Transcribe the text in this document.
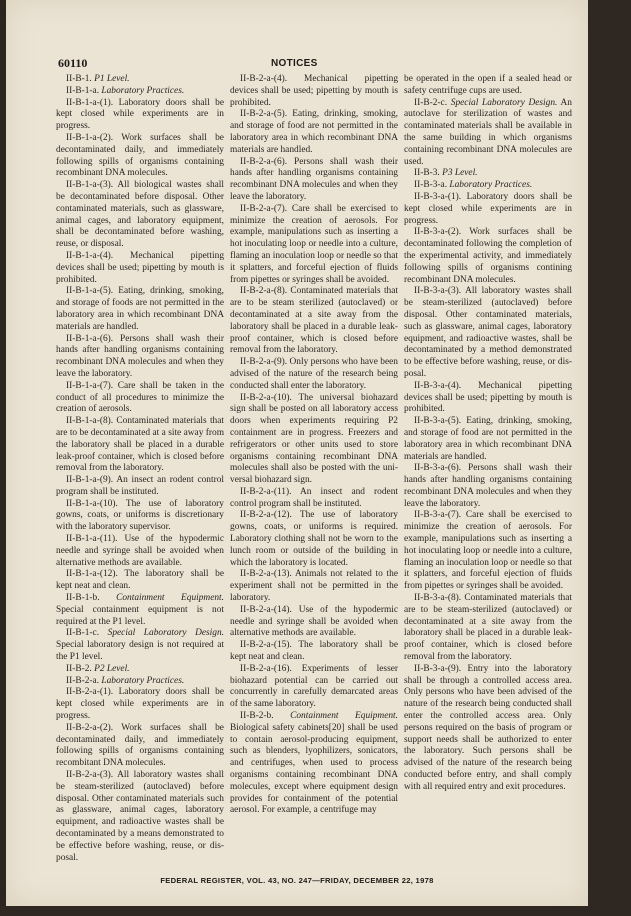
60110	NOTICES

II-B-1. P1 Level.

II-B-1-a. Laboratory Practices.

II-B-1-a-(1). Laboratory doors shall be kept closed while experiments are in progress.

II-B-1-a-(2). Work surfaces shall be decontaminated daily, and immediately following spills of organisms containing recombinant DNA molecules.

II-B-1-a-(3). All biological wastes shall be decontaminated before disposal. Other contaminated materials, such as glassware, animal cages, and laboratory equipment, shall be decontaminated before washing, reuse, or disposal.

II-B-1-a-(4). Mechanical pipetting devices shall be used; pipetting by mouth is prohibited.

II-B-1-a-(5). Eating, drinking, smoking, and storage of foods are not permitted in the laboratory area in which recombinant DNA materials are handled.

II-B-1-a-(6). Persons shall wash their hands after handling organisms containing recombinant DNA molecules and when they leave the laboratory.

II-B-1-a-(7). Care shall be taken in the conduct of all procedures to minimize the creation of aerosols.

II-B-1-a-(8). Contaminated materials that are to be decontaminated at a site away from the laboratory shall be placed in a durable leak-proof container, which is closed before removal from the laboratory.

II-B-1-a-(9). An insect an rodent control program shall be instituted.

II-B-1-a-(10). The use of laboratory gowns, coats, or uniforms is discretionary with the laboratory supervisor.

II-B-1-a-(11). Use of the hypodermic needle and syringe shall be avoided when alternative methods are available.

II-B-1-a-(12). The laboratory shall be kept neat and clean.

II-B-1-b. Containment Equipment. Special containment equipment is not required at the P1 level.

II-B-1-c. Special Laboratory Design. Special laboratory design is not required at the P1 level.

II-B-2. P2 Level.

II-B-2-a. Laboratory Practices.

II-B-2-a-(1). Laboratory doors shall be kept closed while experiments are in progress.

II-B-2-a-(2). Work surfaces shall be decontaminated daily, and immediately following spills of organisms containing recombitant DNA molecules.

II-B-2-a-(3). All laboratory wastes shall be steam-sterilized (autoclaved) before disposal. Other contaminated materials such as glassware, animal cages, laboratory equipment, and radioactive wastes shall be decontaminated by a means demonstrated to be effective before washing, reuse, or disposal.

II-B-2-a-(4). Mechanical pipetting devices shall be used; pipetting by mouth is prohibited.

II-B-2-a-(5). Eating, drinking, smoking, and storage of food are not permitted in the laboratory area in which recombinant DNA materials are handled.

II-B-2-a-(6). Persons shall wash their hands after handling organisms containing recombinant DNA molecules and when they leave the laboratory.

II-B-2-a-(7). Care shall be exercised to minimize the creation of aerosols. For example, manipulations such as inserting a hot inoculating loop or needle into a culture, flaming an inoculation loop or needle so that it splatters, and forceful ejection of fluids from pipettes or syringes shall be avoided.

II-B-2-a-(8). Contaminated materials that are to be steam sterilized (autoclaved) or decontaminated at a site away from the laboratory shall be placed in a durable leak-proof container, which is closed before removal from the laboratory.

II-B-2-a-(9). Only persons who have been advised of the nature of the research being conducted shall enter the laboratory.

II-B-2-a-(10). The universal biohazard sign shall be posted on all laboratory access doors when experiments requiring P2 containment are in progress. Freezers and refrigerators or other units used to store organisms containing recombinant DNA molecules shall also be posted with the universal biohazard sign.

II-B-2-a-(11). An insect and rodent control program shall be instituted.

II-B-2-a-(12). The use of laboratory gowns, coats, or uniforms is required. Laboratory clothing shall not be worn to the lunch room or outside of the building in which the laboratory is located.

II-B-2-a-(13). Animals not related to the experiment shall not be permitted in the laboratory.

II-B-2-a-(14). Use of the hypodermic needle and syringe shall be avoided when alternative methods are available.

II-B-2-a-(15). The laboratory shall be kept neat and clean.

II-B-2-a-(16). Experiments of lesser biohazard potential can be carried out concurrently in carefully demarcated areas of the same laboratory.

II-B-2-b. Containment Equipment. Biological safety cabinets[20] shall be used to contain aerosol-producing equipment, such as blenders, lyophilizers, sonicators, and centrifuges, when used to process organisms containing recombinant DNA molecules, except where equipment design provides for containment of the potential aerosol. For example, a centrifuge may

be operated in the open if a sealed head or safety centrifuge cups are used.

II-B-2-c. Special Laboratory Design. An autoclave for sterilization of wastes and contaminated materials shall be available in the same building in which organisms containing recombinant DNA molecules are used.

II-B-3. P3 Level.

II-B-3-a. Laboratory Practices.

II-B-3-a-(1). Laboratory doors shall be kept closed while experiments are in progress.

II-B-3-a-(2). Work surfaces shall be decontaminated following the completion of the experimental activity, and immediately following spills of organisms contining recombinant DNA molecules.

II-B-3-a-(3). All laboratory wastes shall be steam-sterilized (autoclaved) before disposal. Other contaminated materials, such as glassware, animal cages, laboratory equipment, and radioactive wastes, shall be decontaminated by a method demonstrated to be effective before washing, reuse, or disposal.

II-B-3-a-(4). Mechanical pipetting devices shall be used; pipetting by mouth is prohibited.

II-B-3-a-(5). Eating, drinking, smoking, and storage of food are not permitted in the laboratory area in which recombinant DNA materials are handled.

II-B-3-a-(6). Persons shall wash their hands after handling organisms containing recombinant DNA molecules and when they leave the laboratory.

II-B-3-a-(7). Care shall be exercised to minimize the creation of aerosols. For example, manipulations such as inserting a hot inoculating loop or needle into a culture, flaming an inoculation loop or needle so that it splatters, and forceful ejection of fluids from pipettes or syringes shall be avoided.

II-B-3-a-(8). Contaminated materials that are to be steam-sterilized (autoclaved) or decontaminated at a site away from the laboratory shall be placed in a durable leak-proof container, which is closed before removal from the laboratory.

II-B-3-a-(9). Entry into the laboratory shall be through a controlled access area. Only persons who have been advised of the nature of the research being conducted shall enter the controlled access area. Only persons required on the basis of program or support needs shall be authorized to enter the laboratory. Such persons shall be advised of the nature of the research being conducted before entry, and shall comply with all required entry and exit procedures.

FEDERAL REGISTER, VOL. 43, NO. 247—FRIDAY, DECEMBER 22, 1978
